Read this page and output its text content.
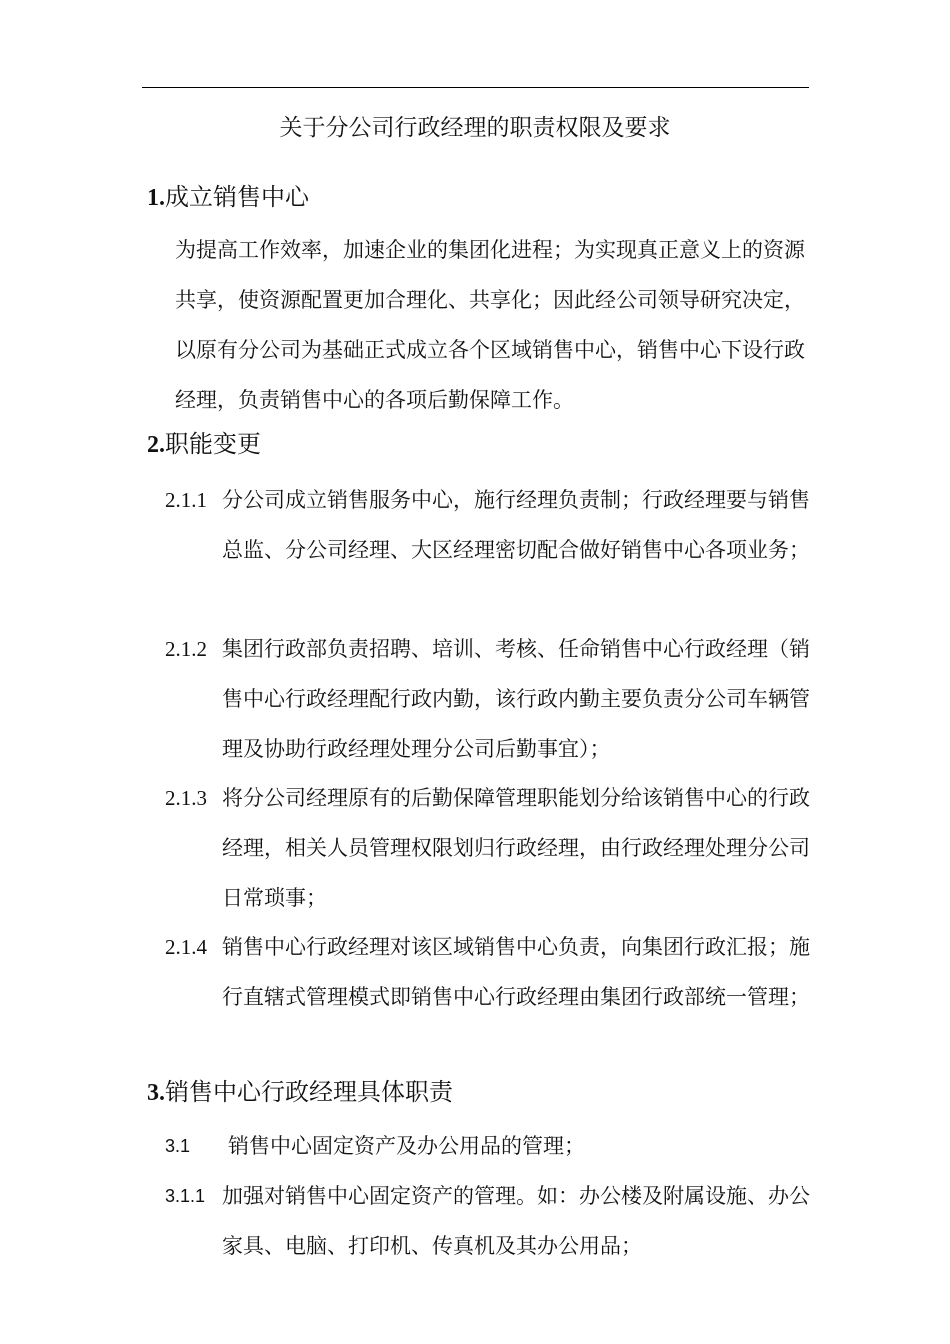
关于分公司行政经理的职责权限及要求
1.成立销售中心

为提高工作效率，加速企业的集团化进程；为实现真正意义上的资源共享，使资源配置更加合理化、共享化；因此经公司领导研究决定，以原有分公司为基础正式成立各个区域销售中心，销售中心下设行政经理，负责销售中心的各项后勤保障工作。

2.职能变更
2.1.1 分公司成立销售服务中心，施行经理负责制；行政经理要与销售总监、分公司经理、大区经理密切配合做好销售中心各项业务；
2.1.2 集团行政部负责招聘、培训、考核、任命销售中心行政经理（销售中心行政经理配行政内勤，该行政内勤主要负责分公司车辆管理及协助行政经理处理分公司后勤事宜）；
2.1.3 将分公司经理原有的后勤保障管理职能划分给该销售中心的行政经理，相关人员管理权限划归行政经理，由行政经理处理分公司日常琐事；
2.1.4 销售中心行政经理对该区域销售中心负责，向集团行政汇报；施行直辖式管理模式即销售中心行政经理由集团行政部统一管理；
3.销售中心行政经理具体职责
3.1 销售中心固定资产及办公用品的管理；
3.1.1 加强对销售中心固定资产的管理。如：办公楼及附属设施、办公家具、电脑、打印机、传真机及其办公用品；
